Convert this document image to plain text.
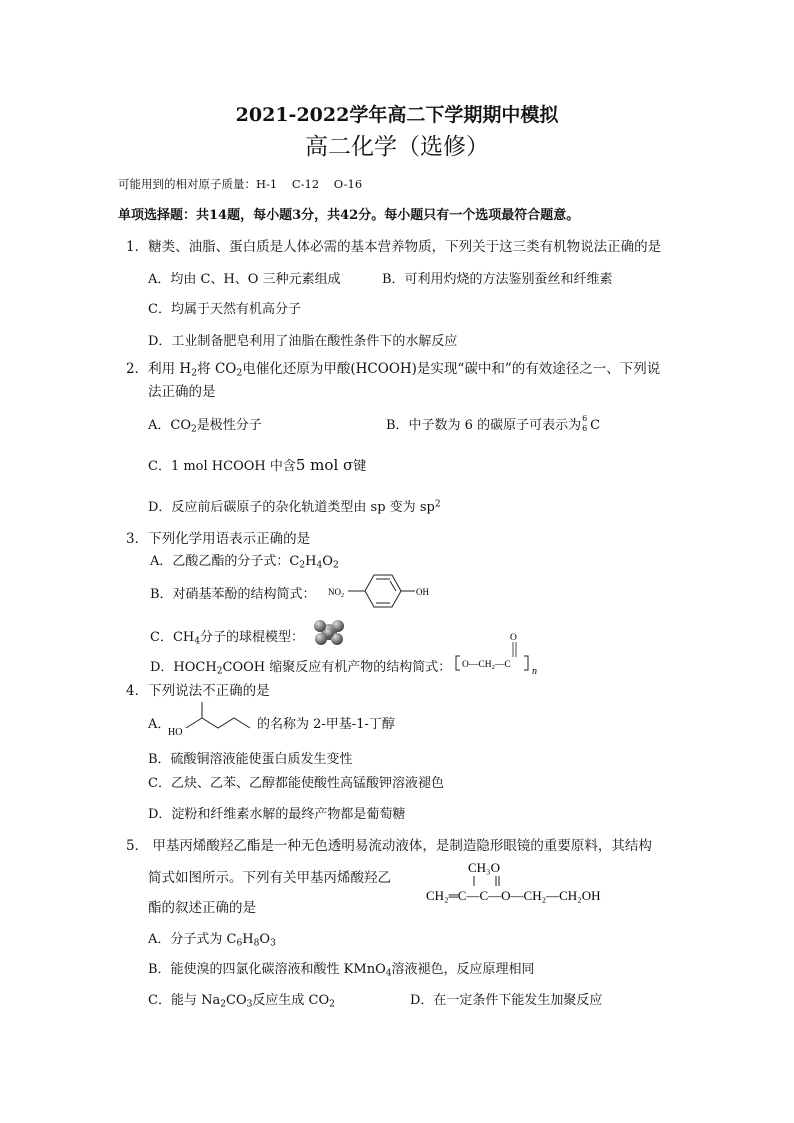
2021-2022学年高二下学期期中模拟
高二化学（选修）
可能用到的相对原子质量：H-1    C-12    O-16
单项选择题：共14题，每小题3分，共42分。每小题只有一个选项最符合题意。
1．糖类、油脂、蛋白质是人体必需的基本营养物质，下列关于这三类有机物说法正确的是
A．均由 C、H、O 三种元素组成	B．可利用灼烧的方法鉴别蚕丝和纤维素
C．均属于天然有机高分子
D．工业制备肥皂利用了油脂在酸性条件下的水解反应
2．利用 $H_2$将 $CO_2$电催化还原为甲酸(HCOOH)是实现“碳中和”的有效途径之一、下列说
法正确的是
A．$CO_2$是极性分子	B．中子数为 6 的碳原子可表示为 6
6 C
C．1 mol HCOOH 中含5 mol σ键
D．反应前后碳原子的杂化轨道类型由 sp 变为 $sp^2$
3．下列化学用语表示正确的是
A．乙酸乙酯的分子式：$C_2H_4O_2$
B．对硝基苯酚的结构简式： $NO_2$	OH
C．$CH_4$分子的球棍模型：
D．$HOCH_2COOH$ 缩聚反应有机产物的结构简式： $O—CH_2—C$
O
n
4．下列说法不正确的是
A．
HO
的名称为 2-甲基-1-丁醇
B．硫酸铜溶液能使蛋白质发生变性
C．乙炔、乙苯、乙醇都能使酸性高锰酸钾溶液褪色
D．淀粉和纤维素水解的最终产物都是葡萄糖
5． 甲基丙烯酸羟乙酯是一种无色透明易流动液体，是制造隐形眼镜的重要原料，其结构
简式如图所示。下列有关甲基丙烯酸羟乙
酯的叙述正确的是
CH₃O
CH₂═C—C—O—CH₂—CH₂OH
A．分子式为 $C_6H_8O_3$
B．能使溴的四氯化碳溶液和酸性 KMnO$_4$溶液褪色，反应原理相同
C．能与 $Na_2CO_3$反应生成 $CO_2$	D．在一定条件下能发生加聚反应
